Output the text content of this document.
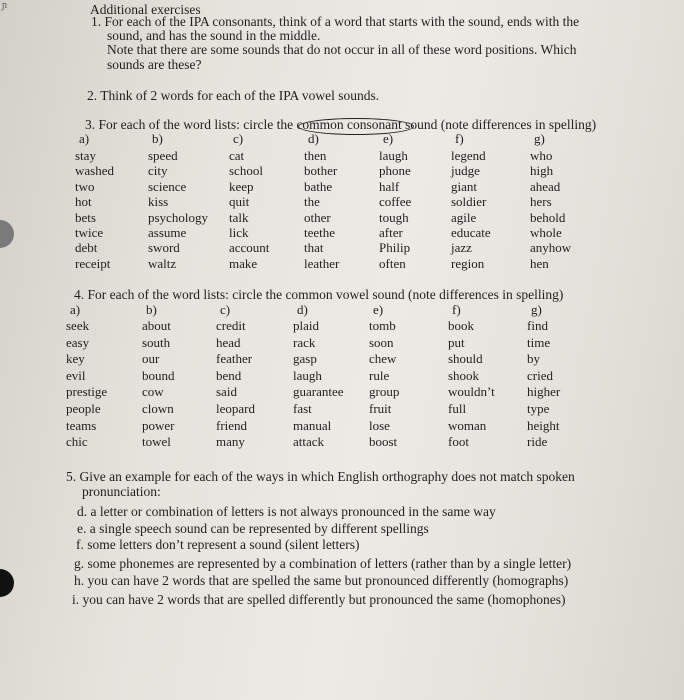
ɲ	Additional exercises
1. For each of the IPA consonants, think of a word that starts with the sound, ends with the
sound, and has the sound in the middle.
Note that there are some sounds that do not occur in all of these word positions. Which
sounds are these?
2. Think of 2 words for each of the IPA vowel sounds.
3. For each of the word lists: circle the common consonant sound (note differences in spelling)
a)
stay
washed
two
hot
bets
twice
debt
receipt
b)
speed
city
science
kiss
psychology
assume
sword
waltz
c)
cat
school
keep
quit
talk
lick
account
make
d)
then
bother
bathe
the
other
teethe
that
leather
e)
laugh
phone
half
coffee
tough
after
Philip
often
f)
legend
judge
giant
soldier
agile
educate
jazz
region
g)
who
high
ahead
hers
behold
whole
anyhow
hen
4. For each of the word lists: circle the common vowel sound (note differences in spelling)
a)
seek
easy
key
evil
prestige
people
teams
chic
b)
about
south
our
bound
cow
clown
power
towel
c)
credit
head
feather
bend
said
leopard
friend
many
d)
plaid
rack
gasp
laugh
guarantee
fast
manual
attack
e)
tomb
soon
chew
rule
group
fruit
lose
boost
f)
book
put
should
shook
wouldn’t
full
woman
foot
g)
find
time
by
cried
higher
type
height
ride
5. Give an example for each of the ways in which English orthography does not match spoken
pronunciation:
d. a letter or combination of letters is not always pronounced in the same way
e. a single speech sound can be represented by different spellings
f. some letters don’t represent a sound (silent letters)
g. some phonemes are represented by a combination of letters (rather than by a single letter)
h. you can have 2 words that are spelled the same but pronounced differently (homographs)
i. you can have 2 words that are spelled differently but pronounced the same (homophones)
